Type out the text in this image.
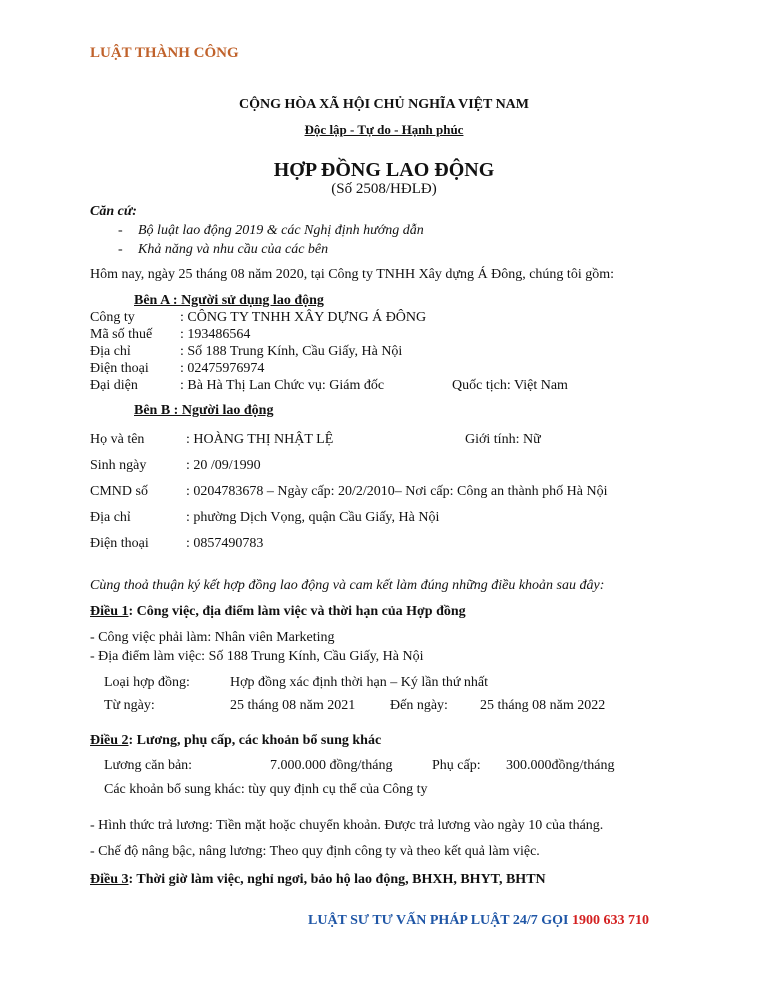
LUẬT THÀNH CÔNG
CỘNG HÒA XÃ HỘI CHỦ NGHĨA VIỆT NAM
Độc lập - Tự do - Hạnh phúc
HỢP ĐỒNG LAO ĐỘNG
(Số 2508/HĐLĐ)
Căn cứ:
- Bộ luật lao động 2019 & các Nghị định hướng dẫn
- Khả năng và nhu cầu của các bên
Hôm nay, ngày 25 tháng 08 năm 2020, tại Công ty TNHH Xây dựng Á Đông, chúng tôi gồm:
Bên A : Người sử dụng lao động
Công ty	: CÔNG TY TNHH XÂY DỰNG Á ĐÔNG
Mã số thuế : 193486564
Địa chỉ	: Số 188 Trung Kính, Cầu Giấy, Hà Nội
Điện thoại : 02475976974
Đại diện	: Bà Hà Thị Lan Chức vụ: Giám đốc	Quốc tịch: Việt Nam
Bên B : Người lao động
Họ và tên	: HOÀNG THỊ NHẬT LỆ	Giới tính: Nữ
Sinh ngày	: 20 /09/1990
CMND số	: 0204783678 – Ngày cấp: 20/2/2010– Nơi cấp: Công an thành phố Hà Nội
Địa chỉ	: phường Dịch Vọng, quận Cầu Giấy, Hà Nội
Điện thoại	: 0857490783
Cùng thoả thuận ký kết hợp đồng lao động và cam kết làm đúng những điều khoản sau đây:
Điều 1: Công việc, địa điểm làm việc và thời hạn của Hợp đồng
- Công việc phải làm: Nhân viên Marketing
- Địa điểm làm việc: Số 188 Trung Kính, Cầu Giấy, Hà Nội
Loại hợp đồng:	Hợp đồng xác định thời hạn – Ký lần thứ nhất
Từ ngày:	25 tháng 08 năm 2021 Đến ngày: 25 tháng 08 năm 2022
Điều 2: Lương, phụ cấp, các khoản bổ sung khác
Lương căn bản:	7.000.000 đồng/tháng	Phụ cấp: 300.000đồng/tháng
Các khoản bổ sung khác: tùy quy định cụ thể của Công ty
- Hình thức trả lương: Tiền mặt hoặc chuyển khoản. Được trả lương vào ngày 10 của tháng.
- Chế độ nâng bậc, nâng lương: Theo quy định công ty và theo kết quả làm việc.
Điều 3: Thời giờ làm việc, nghỉ ngơi, bảo hộ lao động, BHXH, BHYT, BHTN
LUẬT SƯ TƯ VẤN PHÁP LUẬT 24/7 GỌI 1900 633 710
